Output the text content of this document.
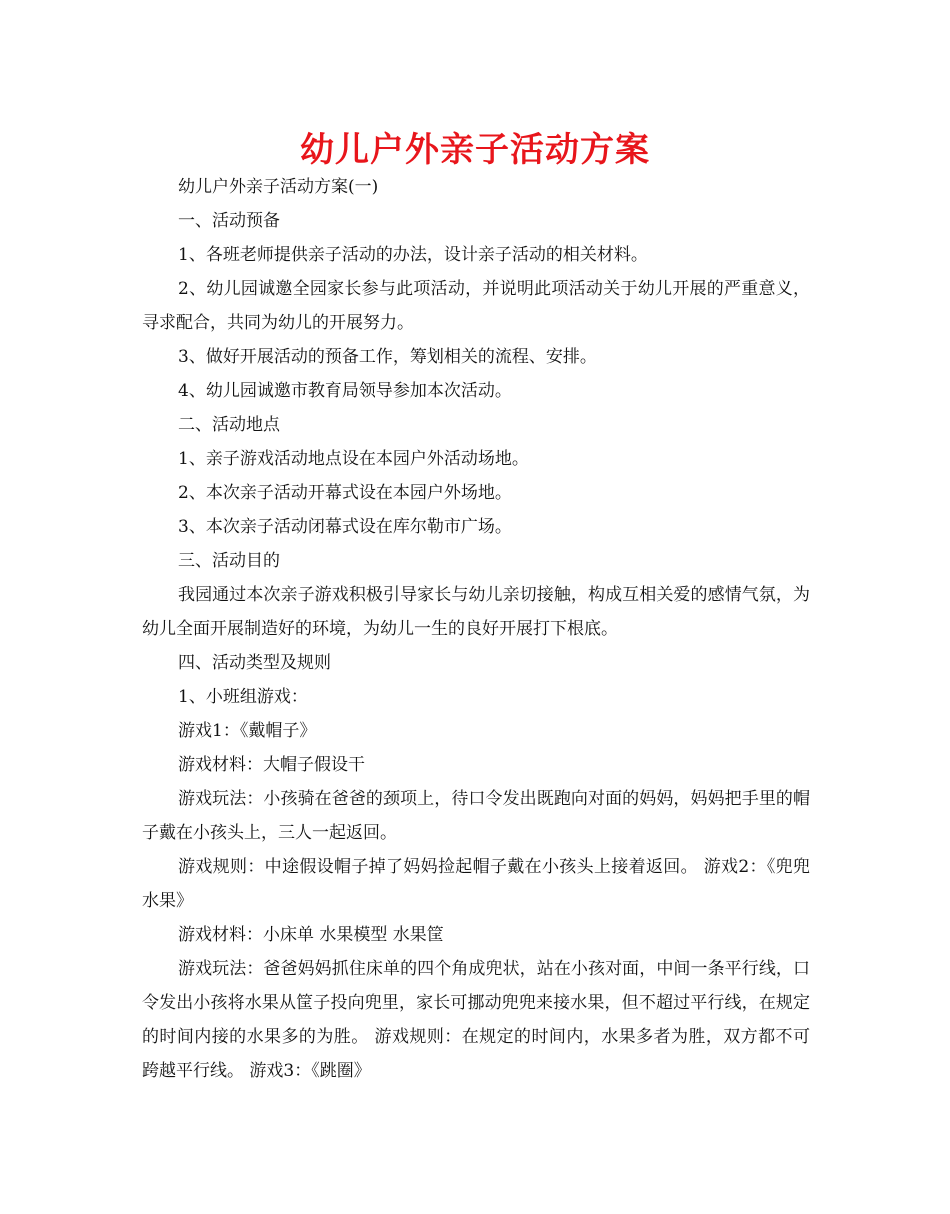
幼儿户外亲子活动方案

幼儿户外亲子活动方案(一)

一、活动预备

1、各班老师提供亲子活动的办法，设计亲子活动的相关材料。

2、幼儿园诚邀全园家长参与此项活动，并说明此项活动关于幼儿开展的严重意义，寻求配合，共同为幼儿的开展努力。

3、做好开展活动的预备工作，筹划相关的流程、安排。

4、幼儿园诚邀市教育局领导参加本次活动。

二、活动地点

1、亲子游戏活动地点设在本园户外活动场地。

2、本次亲子活动开幕式设在本园户外场地。

3、本次亲子活动闭幕式设在库尔勒市广场。

三、活动目的

我园通过本次亲子游戏积极引导家长与幼儿亲切接触，构成互相关爱的感情气氛，为幼儿全面开展制造好的环境，为幼儿一生的良好开展打下根底。

四、活动类型及规则

1、小班组游戏：

游戏1：《戴帽子》

游戏材料：大帽子假设干

游戏玩法：小孩骑在爸爸的颈项上，待口令发出既跑向对面的妈妈，妈妈把手里的帽子戴在小孩头上，三人一起返回。

游戏规则：中途假设帽子掉了妈妈捡起帽子戴在小孩头上接着返回。 游戏2：《兜兜水果》

游戏材料：小床单 水果模型 水果筐

游戏玩法：爸爸妈妈抓住床单的四个角成兜状，站在小孩对面，中间一条平行线，口令发出小孩将水果从筐子投向兜里，家长可挪动兜兜来接水果，但不超过平行线，在规定的时间内接的水果多的为胜。 游戏规则：在规定的时间内，水果多者为胜，双方都不可跨越平行线。 游戏3：《跳圈》
